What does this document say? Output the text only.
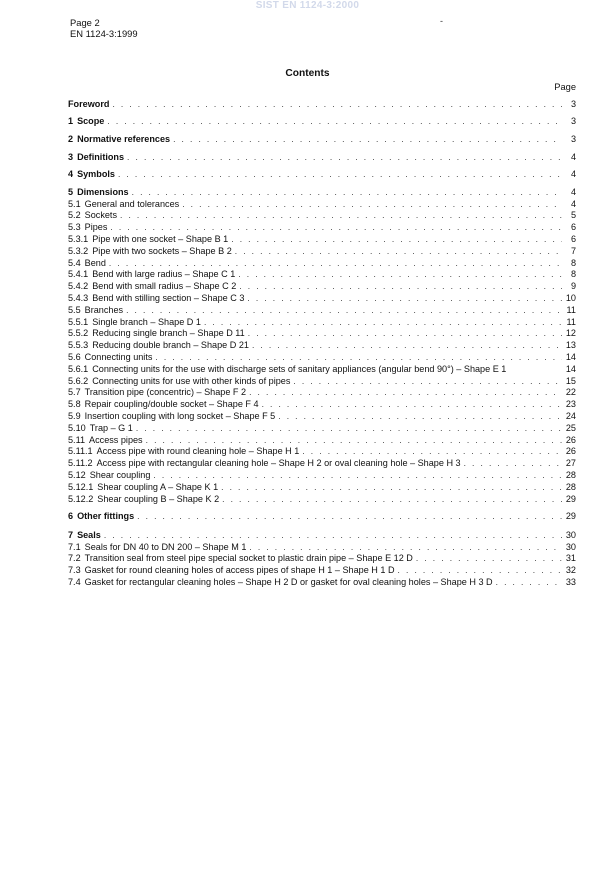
SIST EN 1124-3:2000
Page 2
EN 1124-3:1999
-
Contents
Page
Foreword . . .	3
1 Scope . . .	3
2 Normative references . . .	3
3 Definitions . . .	4
4 Symbols . . .	4
5 Dimensions . . .	4
5.1 General and tolerances . . .	4
5.2 Sockets . . .	5
5.3 Pipes . . .	6
5.3.1 Pipe with one socket – Shape B 1 . . .	6
5.3.2 Pipe with two sockets – Shape B 2 . . .	7
5.4 Bend . . .	8
5.4.1 Bend with large radius – Shape C 1 . . .	8
5.4.2 Bend with small radius – Shape C 2 . . .	9
5.4.3 Bend with stilling section – Shape C 3 . . .	10
5.5 Branches . . .	11
5.5.1 Single branch – Shape D 1 . . .	11
5.5.2 Reducing single branch – Shape D 11 . . .	12
5.5.3 Reducing double branch – Shape D 21 . . .	13
5.6 Connecting units . . .	14
5.6.1 Connecting units for the use with discharge sets of sanitary appliances (angular bend 90°) – Shape E 1	14
5.6.2 Connecting units for use with other kinds of pipes . . .	15
5.7 Transition pipe (concentric) – Shape F 2 . . .	22
5.8 Repair coupling/double socket – Shape F 4 . . .	23
5.9 Insertion coupling with long socket – Shape F 5 . . .	24
5.10 Trap – G 1 . . .	25
5.11 Access pipes . . .	26
5.11.1 Access pipe with round cleaning hole – Shape H 1 . . .	26
5.11.2 Access pipe with rectangular cleaning hole – Shape H 2 or oval cleaning hole – Shape H 3 . . .	27
5.12 Shear coupling . . .	28
5.12.1 Shear coupling A – Shape K 1 . . .	28
5.12.2 Shear coupling B – Shape K 2 . . .	29
6 Other fittings . . .	29
7 Seals . . .	30
7.1 Seals for DN 40 to DN 200 – Shape M 1 . . .	30
7.2 Transition seal from steel pipe special socket to plastic drain pipe – Shape E 12 D . . .	31
7.3 Gasket for round cleaning holes of access pipes of shape H 1 – Shape H 1 D . . .	32
7.4 Gasket for rectangular cleaning holes – Shape H 2 D or gasket for oval cleaning holes – Shape H 3 D . . .	33
